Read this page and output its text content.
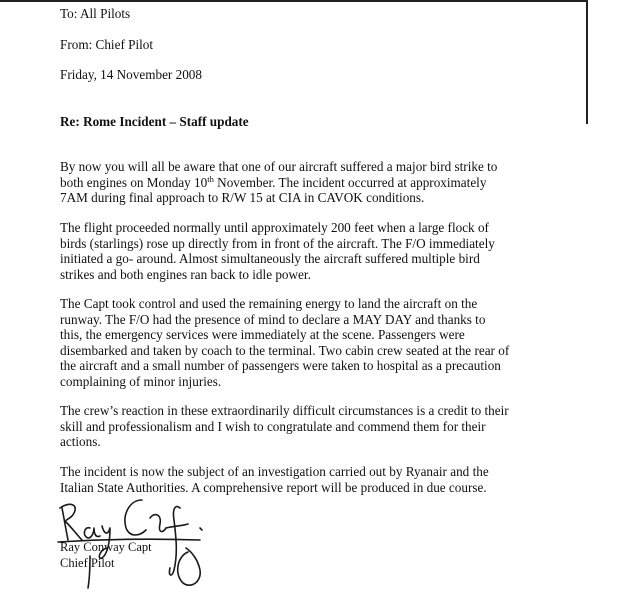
To: All Pilots
From: Chief Pilot
Friday, 14 November 2008
Re: Rome Incident – Staff update
By now you will all be aware that one of our aircraft suffered a major bird strike to
both engines on Monday 10th November. The incident occurred at approximately
7AM during final approach to R/W 15 at CIA in CAVOK conditions.
The flight proceeded normally until approximately 200 feet when a large flock of
birds (starlings) rose up directly from in front of the aircraft. The F/O immediately
initiated a go- around. Almost simultaneously the aircraft suffered multiple bird
strikes and both engines ran back to idle power.
The Capt took control and used the remaining energy to land the aircraft on the
runway. The F/O had the presence of mind to declare a MAY DAY and thanks to
this, the emergency services were immediately at the scene. Passengers were
disembarked and taken by coach to the terminal. Two cabin crew seated at the rear of
the aircraft and a small number of passengers were taken to hospital as a precaution
complaining of minor injuries.
The crew’s reaction in these extraordinarily difficult circumstances is a credit to their
skill and professionalism and I wish to congratulate and commend them for their
actions.
The incident is now the subject of an investigation carried out by Ryanair and the
Italian State Authorities. A comprehensive report will be produced in due course.
Ray Conway Capt
Chief Pilot
